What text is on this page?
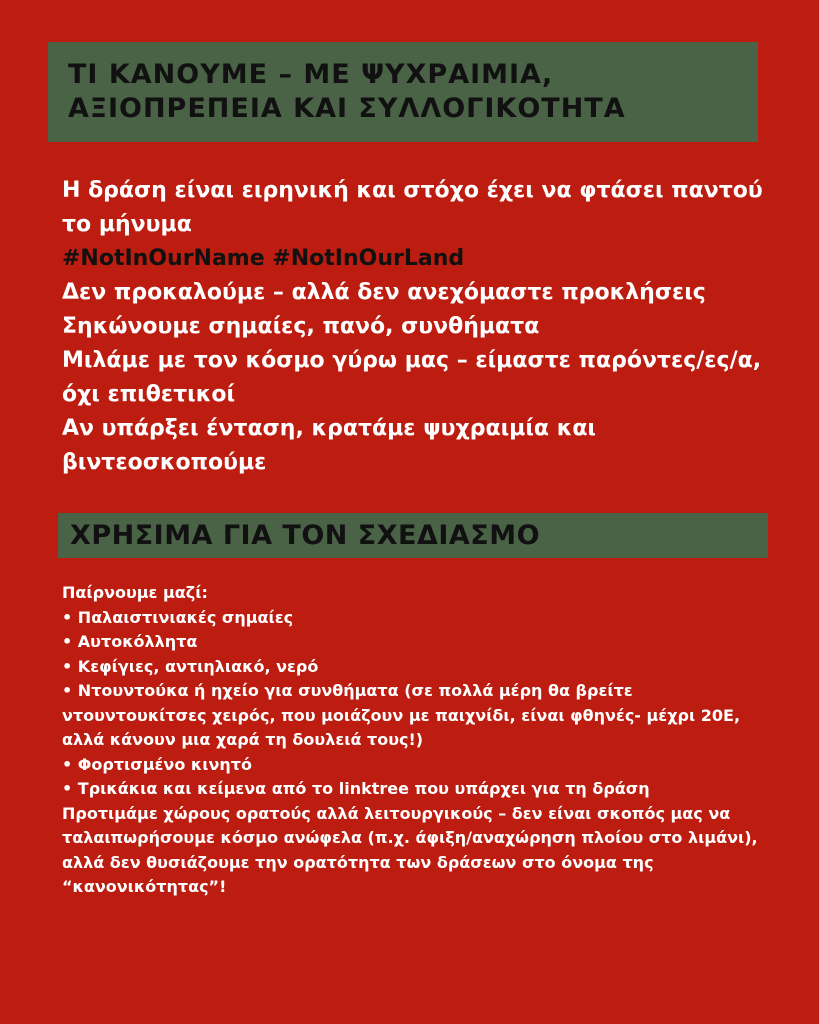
ΤΙ ΚΑΝΟΥΜΕ – ΜΕ ΨΥΧΡΑΙΜΙΑ,
ΑΞΙΟΠΡΕΠΕΙΑ ΚΑΙ ΣΥΛΛΟΓΙΚΟΤΗΤΑ
Η δράση είναι ειρηνική και στόχο έχει να φτάσει παντού το μήνυμα
#NotInOurName #NotInOurLand
Δεν προκαλούμε – αλλά δεν ανεχόμαστε προκλήσεις
Σηκώνουμε σημαίες, πανό, συνθήματα
Μιλάμε με τον κόσμο γύρω μας – είμαστε παρόντες/ες/α, όχι επιθετικοί
Αν υπάρξει ένταση, κρατάμε ψυχραιμία και βιντεοσκοπούμε
ΧΡΗΣΙΜΑ ΓΙΑ ΤΟΝ ΣΧΕΔΙΑΣΜΟ
Παίρνουμε μαζί:
• Παλαιστινιακές σημαίες
• Αυτοκόλλητα
• Κεφίγιες, αντιηλιακό, νερό
• Ντουντούκα ή ηχείο για συνθήματα (σε πολλά μέρη θα βρείτε ντουντουκίτσες χειρός, που μοιάζουν με παιχνίδι, είναι φθηνές- μέχρι 20Ε, αλλά κάνουν μια χαρά τη δουλειά τους!)
• Φορτισμένο κινητό
• Τρικάκια και κείμενα από το linktree που υπάρχει για τη δράση
Προτιμάμε χώρους ορατούς αλλά λειτουργικούς – δεν είναι σκοπός μας να ταλαιπωρήσουμε κόσμο ανώφελα (π.χ. άφιξη/αναχώρηση πλοίου στο λιμάνι), αλλά δεν θυσιάζουμε την ορατότητα των δράσεων στο όνομα της “κανονικότητας”!
